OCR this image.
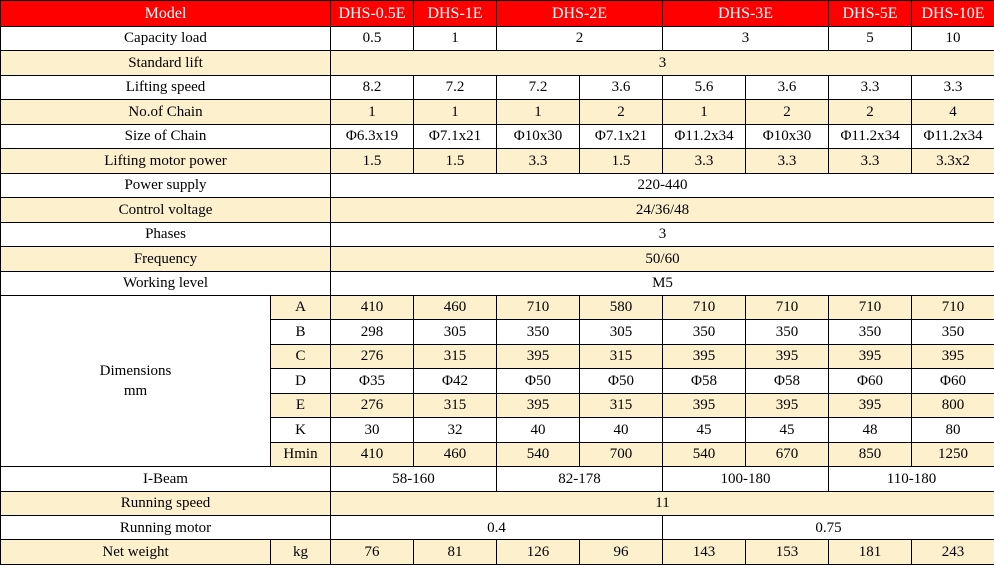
Model		DHS-0.5E	DHS-1E	DHS-2E		DHS-3E		DHS-5E	DHS-10E
Capacity load		0.5	1	2		3		5	10
Standard lift		3							
Lifting speed		8.2	7.2	7.2	3.6	5.6	3.6	3.3	3.3
No.of Chain		1	1	1	2	1	2	2	4
Size of Chain		Φ6.3x19	Φ7.1x21	Φ10x30	Φ7.1x21	Φ11.2x34	Φ10x30	Φ11.2x34	Φ11.2x34
Lifting motor power		1.5	1.5	3.3	1.5	3.3	3.3	3.3	3.3x2
Power supply		220-440							
Control voltage		24/36/48							
Phases		3							
Frequency		50/60							
Working level		M5							

Dimensions
mm	A	410	460	710	580	710	710	710	710
	B	298	305	350	305	350	350	350	350
	C	276	315	395	315	395	395	395	395
	D	Φ35	Φ42	Φ50	Φ50	Φ58	Φ58	Φ60	Φ60
	E	276	315	395	315	395	395	395	800
	K	30	32	40	40	45	45	48	80
	Hmin	410	460	540	700	540	670	850	1250
I-Beam		58-160		82-178		100-180		110-180	
Running speed		11							
Running motor		0.4				0.75			
Net weight	kg	76	81	126	96	143	153	181	243
